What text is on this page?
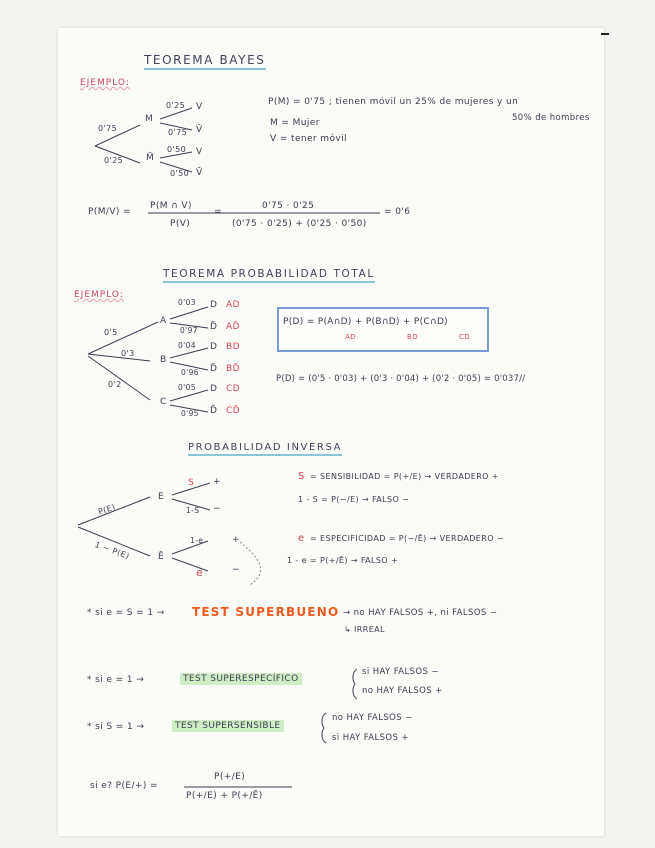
TEOREMA BAYES
EJEMPLO:
0'75
0'25
M
M̄
0'25
0'75
0'50
0'50
V
V̄
V
V̄
P(M) = 0'75 ; tienen móvil un 25% de mujeres y un
50% de hombres
M = Mujer
V = tener móvil
P(M/V) =
P(M ∩ V)
P(V)
=
0'75 · 0'25
(0'75 · 0'25) + (0'25 · 0'50)
= 0'6
TEOREMA PROBABILIDAD TOTAL
EJEMPLO:
0'5
0'3
0'2
A
B
C
0'03
0'97
0'04
0'96
0'05
0'95
D
D̄
D
D̄
D
D̄
AD
AD̄
BD
BD̄
CD
CD̄
P(D) = P(A∩D) + P(B∩D) + P(C∩D)
AD	BD	CD
P(D) = (0'5 · 0'03) + (0'3 · 0'04) + (0'2 · 0'05) = 0'037//
PROBABILIDAD INVERSA
P(E)
1 − P(E)
E
Ē
S
1-S
1-e
e
+
−
+
−
S = SENSIBILIDAD = P(+/E) → VERDADERO +
1 - S = P(−/E) → FALSO −
e = ESPECIFICIDAD = P(−/Ē) → VERDADERO −
1 - e = P(+/Ē) → FALSO +
* si e = S = 1 → TEST SUPERBUENO → no HAY FALSOS +, ni FALSOS −
↳ IRREAL
* si e = 1 →	TEST SUPERESPECÍFICO
si HAY FALSOS −
no HAY FALSOS +
* si S = 1 →	TEST SUPERSENSIBLE
no HAY FALSOS −
si HAY FALSOS +
si e? P(E/+) =
P(+/E)
P(+/E) + P(+/Ē)
